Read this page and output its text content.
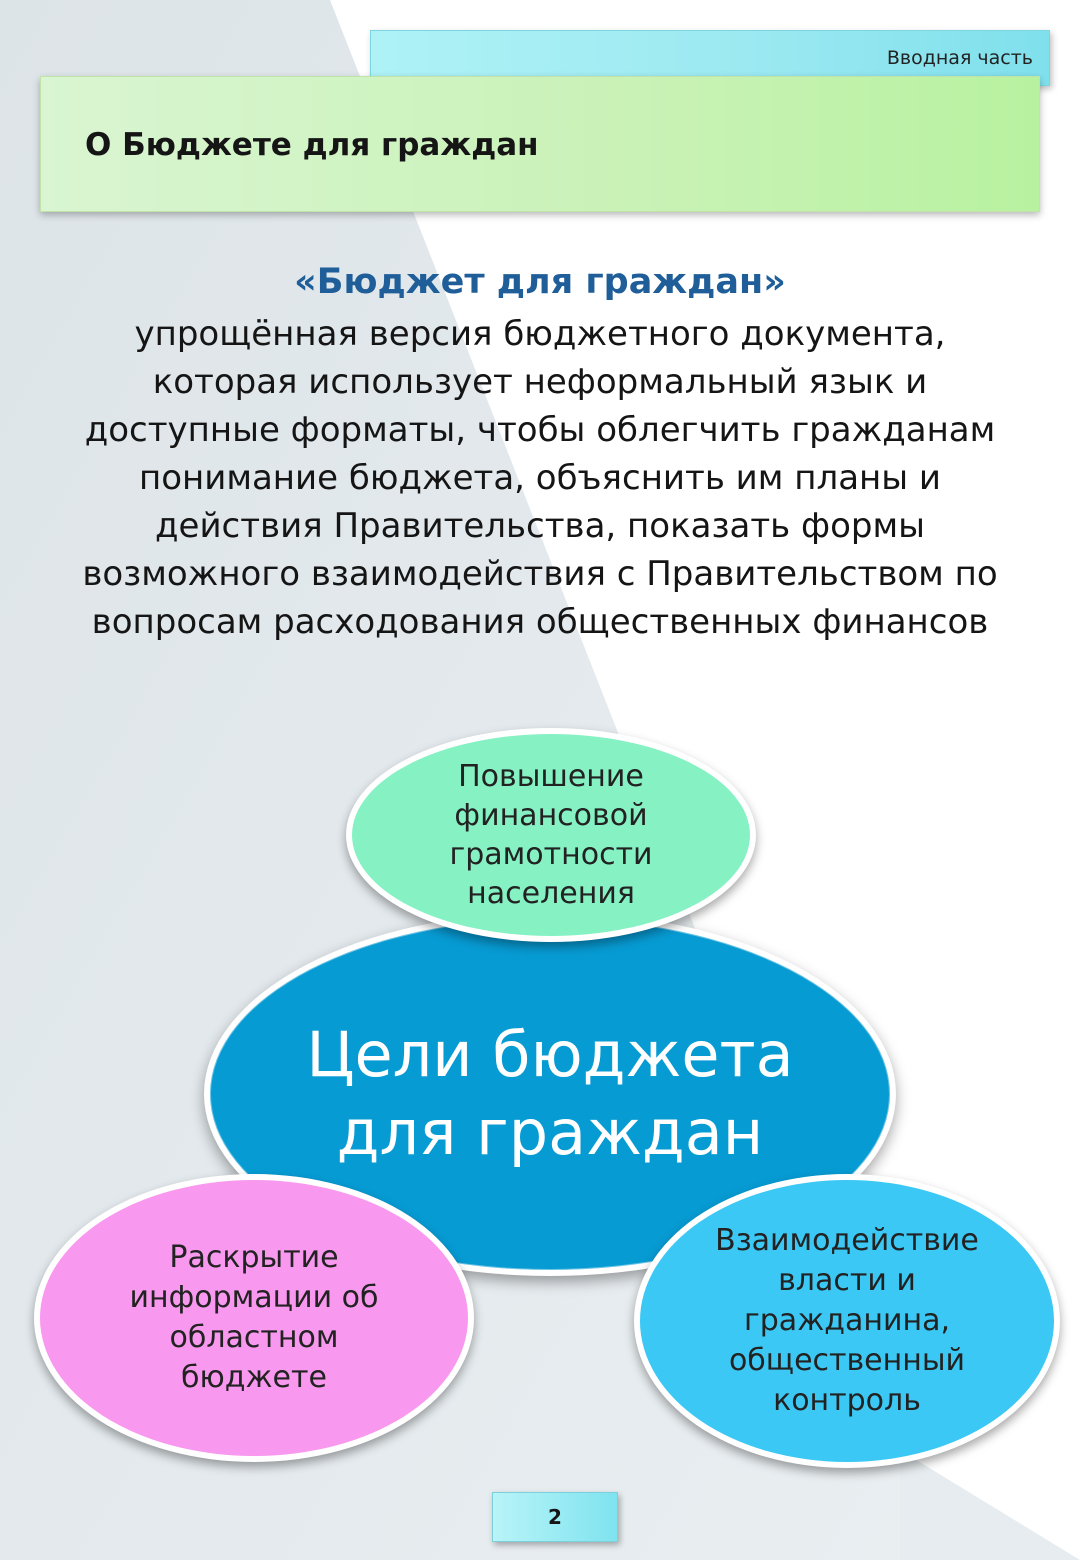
Вводная часть
О Бюджете для граждан
«Бюджет для граждан»
упрощённая версия бюджетного документа, которая использует неформальный язык и доступные форматы, чтобы облегчить гражданам понимание бюджета, объяснить им планы и действия Правительства, показать формы возможного взаимодействия с Правительством по вопросам расходования общественных финансов
Цели бюджета для граждан
Повышение финансовой грамотности населения
Раскрытие информации об областном бюджете
Взаимодействие власти и гражданина, общественный контроль
2
